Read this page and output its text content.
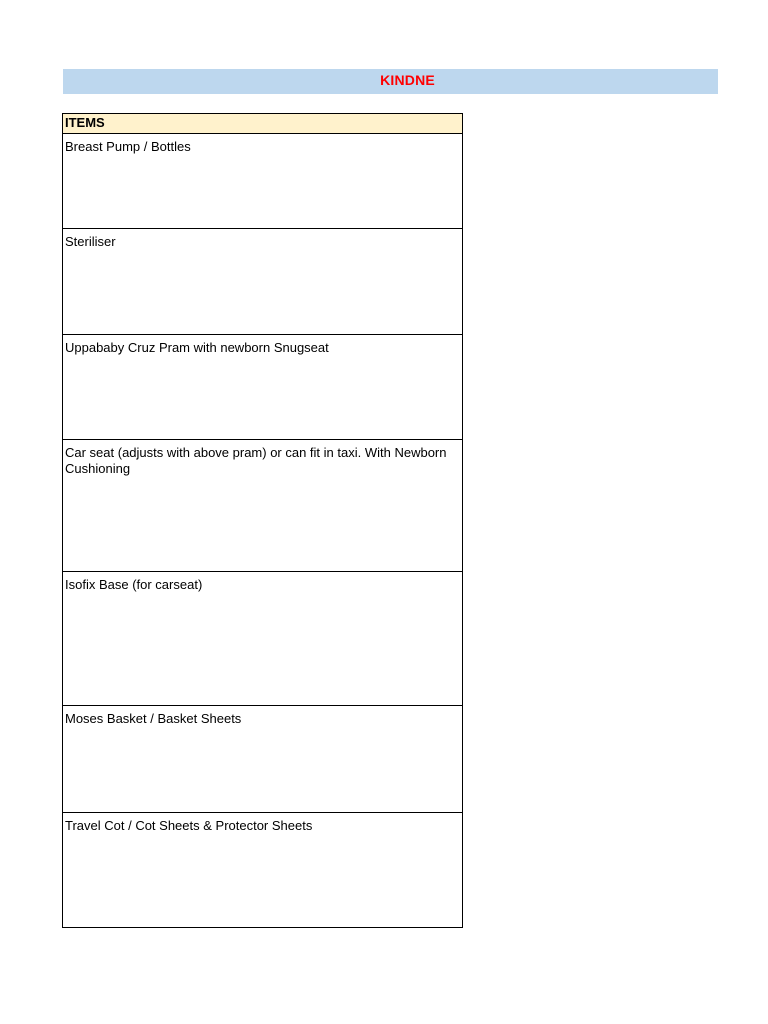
KINDNE
ITEMS
Breast Pump / Bottles
Steriliser
Uppababy Cruz Pram with newborn Snugseat
Car seat (adjusts with above pram) or can fit in taxi. With Newborn Cushioning
Isofix Base (for carseat)
Moses Basket / Basket Sheets
Travel Cot / Cot Sheets & Protector Sheets
